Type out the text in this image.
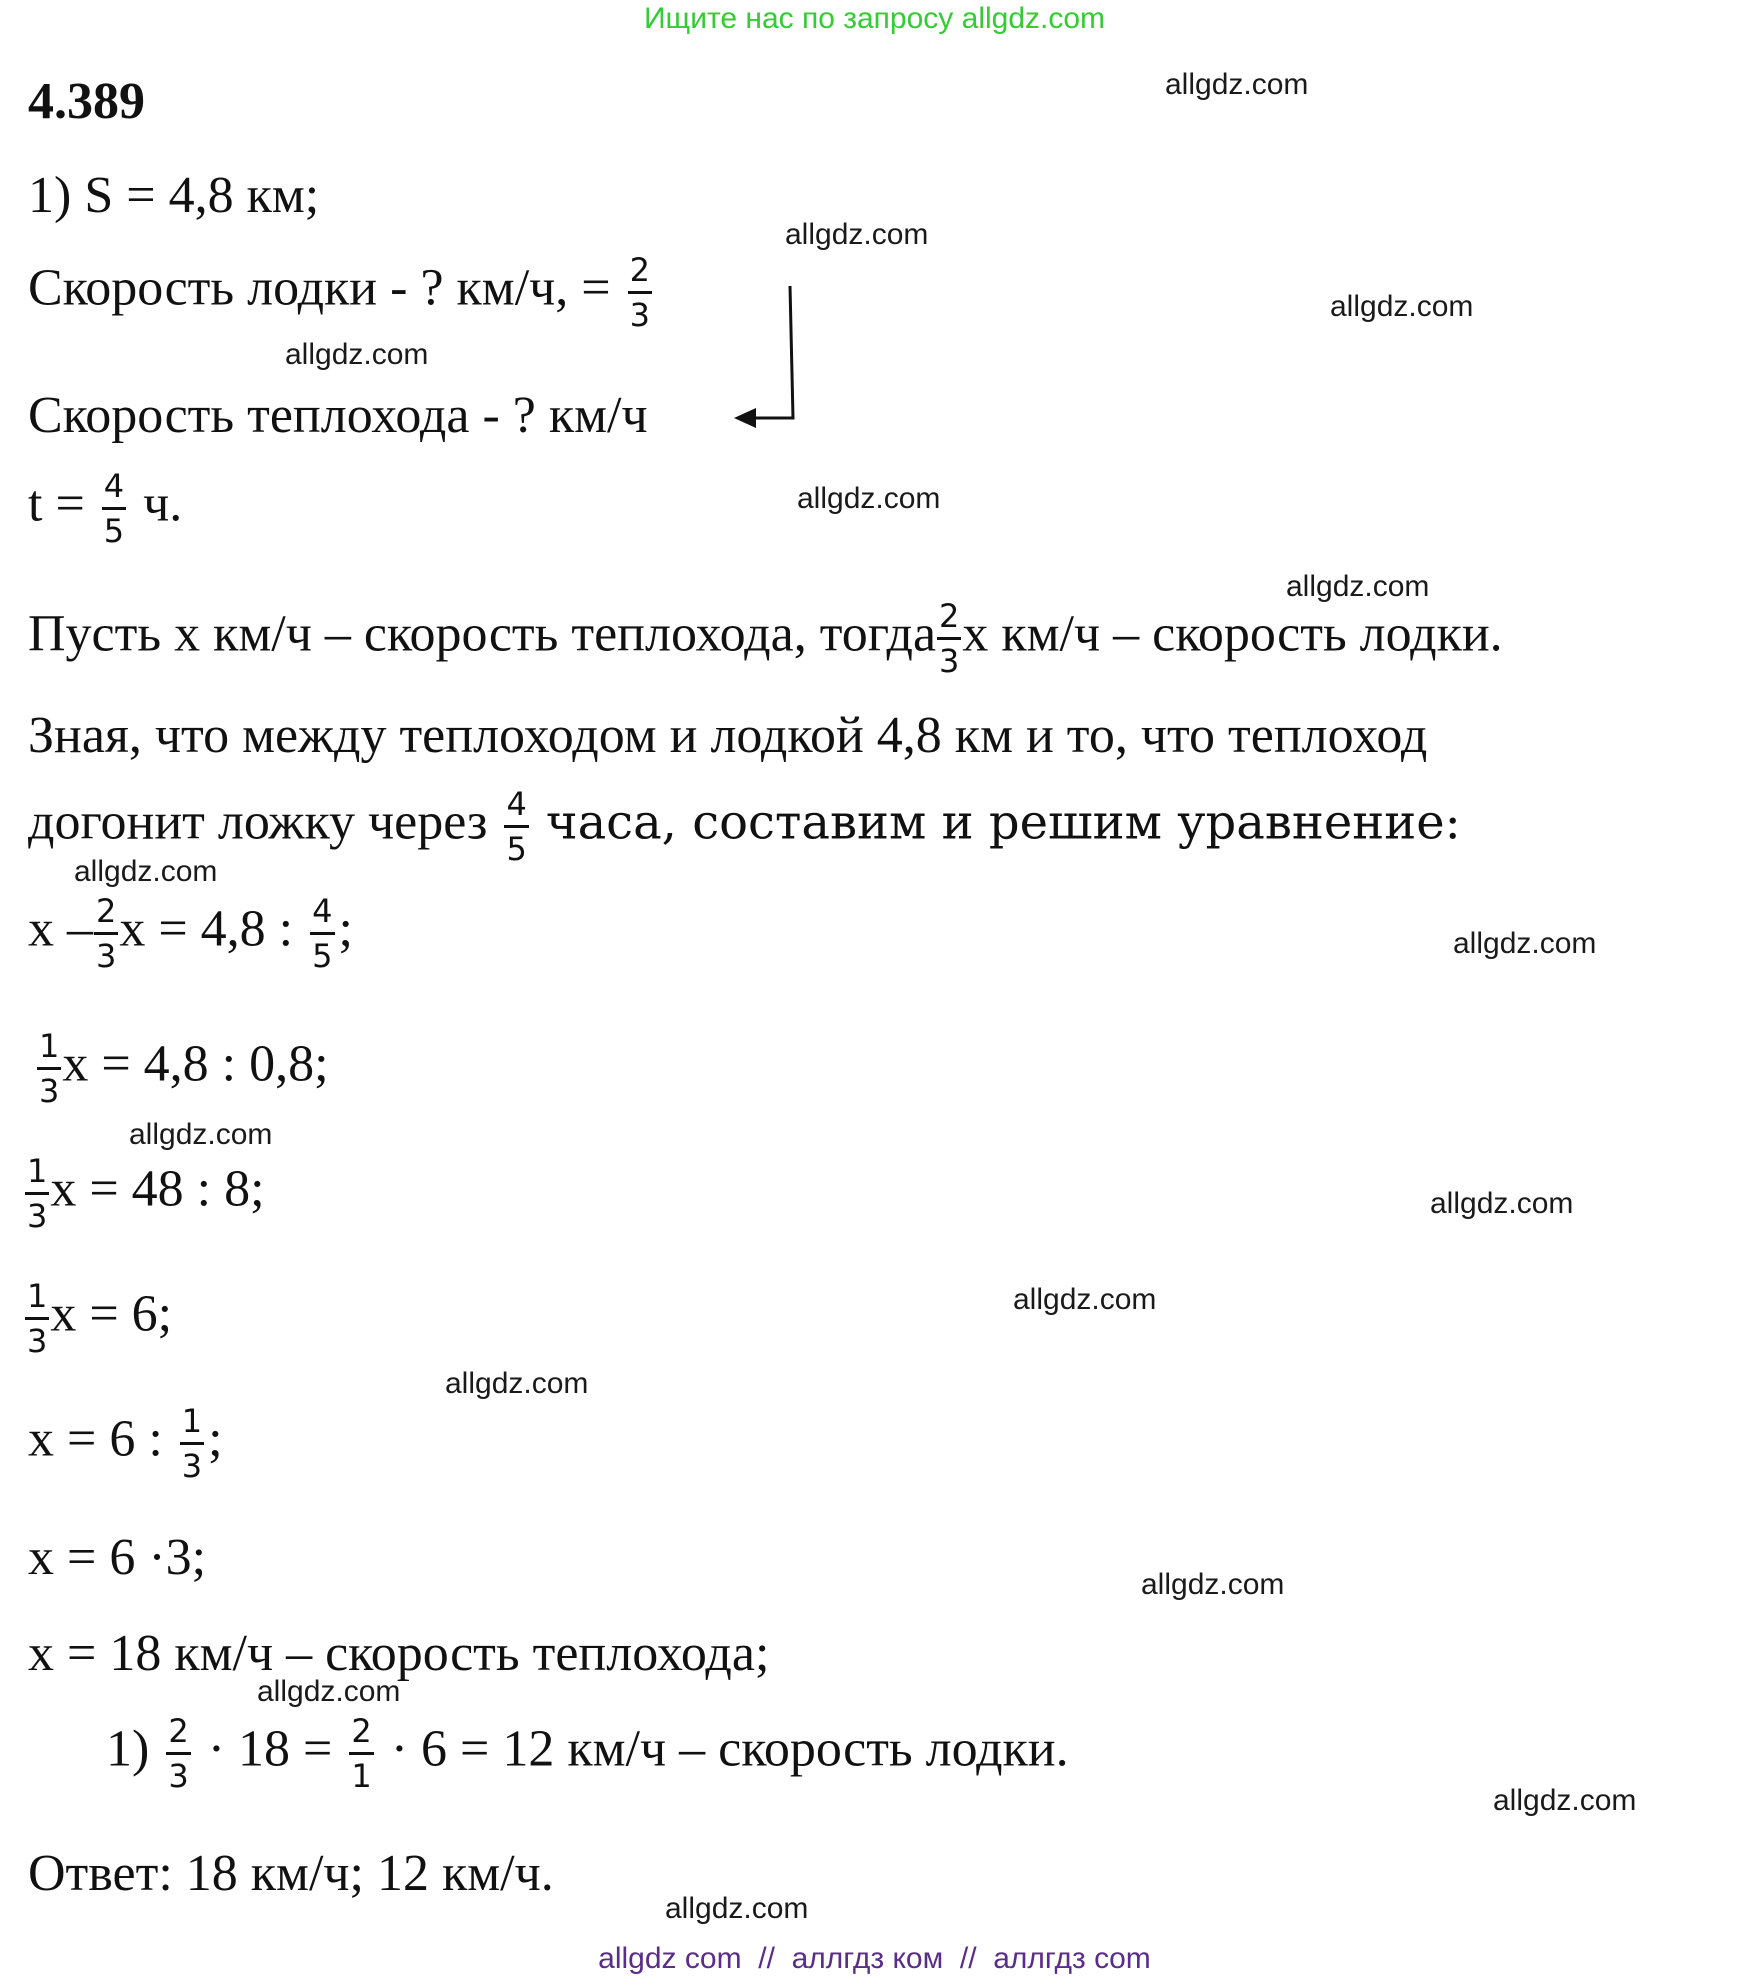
Ищите нас по запросу allgdz.com
4.389
1) S = 4,8 км;
Скорость лодки - ? км/ч, = $\frac{2}{3}$
Скорость теплохода - ? км/ч
$t = \frac{4}{5} ч$.
Пусть х км/ч – скорость теплохода, тогда $\frac{2}{3}$ х км/ч – скорость лодки.
Зная, что между теплоходом и лодкой 4,8 км и то, что теплоход
догонит ложку через $\frac{4}{5}$ часа, составим и решим уравнение:
х – $\frac{2}{3}$ х = 4,8 : $\frac{4}{5}$ ;
$\frac{1}{3}$ х = 4,8 : 0,8;
$\frac{1}{3}$ х = 48 : 8;
$\frac{1}{3}$ х = 6;
х = 6 : $\frac{1}{3}$ ;
х = 6 ·3;
х = 18 км/ч – скорость теплохода;
$1) \frac{2}{3} \cdot 18 = \frac{2}{1} \cdot 6 = 12$ км/ч – скорость лодки.
Ответ: 18 км/ч; 12 км/ч.
allgdz.com
allgdz.com
allgdz.com
allgdz.com
allgdz.com
allgdz.com
allgdz.com
allgdz.com
allgdz.com
allgdz.com
allgdz.com
allgdz.com
allgdz.com
allgdz.com
allgdz.com
allgdz.com
allgdz com  //  аллгдз ком  //  аллгдз com
